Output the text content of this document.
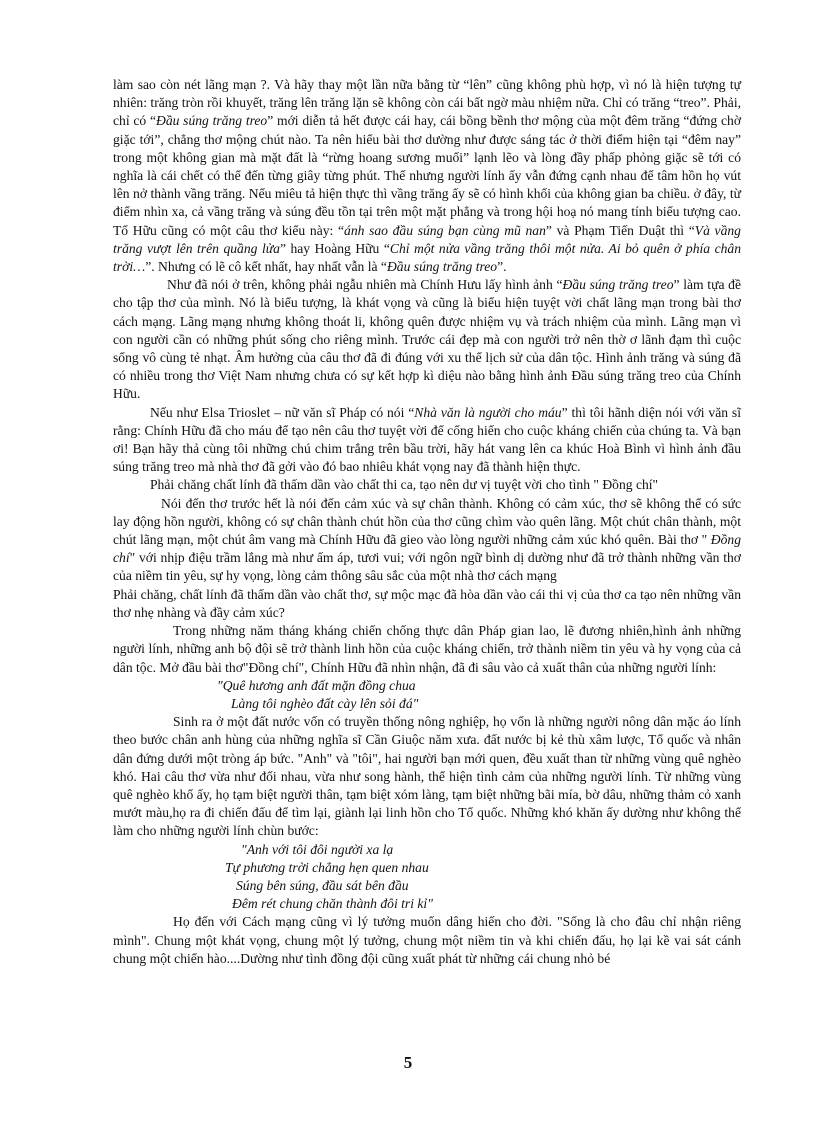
làm sao còn nét lãng mạn ?. Và hãy thay một lần nữa bằng từ “lên” cũng không phù hợp, vì nó là hiện tượng tự nhiên: trăng tròn rồi khuyết, trăng lên trăng lặn sẽ không còn cái bất ngờ màu nhiệm nữa. Chỉ có trăng “treo”. Phải, chỉ có “Đầu súng trăng treo” mới diễn tả hết được cái hay, cái bồng bềnh thơ mộng của một đêm trăng “đứng chờ giặc tới”, chẳng thơ mộng chút nào. Ta nên hiểu bài thơ dường như được sáng tác ở thời điểm hiện tại “đêm nay” trong một không gian mà mặt đất là “rừng hoang sương muối” lạnh lẽo và lòng đầy phấp phỏng giặc sẽ tới có nghĩa là cái chết có thể đến từng giây từng phút. Thế nhưng người lính ấy vẫn đứng cạnh nhau để tâm hồn họ vút lên nở thành vầng trăng. Nếu miêu tả hiện thực thì vầng trăng ấy sẽ có hình khối của không gian ba chiều. ở đây, từ điểm nhìn xa, cả vầng trăng và súng đều tồn tại trên một mặt phẳng và trong hội hoạ nó mang tính biểu tượng cao. Tố Hữu cũng có một câu thơ kiểu này: “ánh sao đầu súng bạn cùng mũ nan” và Phạm Tiến Duật thì “Và vầng trăng vượt lên trên quầng lửa” hay Hoàng Hữu “Chỉ một nửa vầng trăng thôi một nửa. Ai bỏ quên ở phía chân trời…”. Nhưng có lẽ cô kết nhất, hay nhất vẫn là “Đầu súng trăng treo”.

Như đã nói ở trên, không phải ngẫu nhiên mà Chính Hưu lấy hình ảnh “Đầu súng trăng treo” làm tựa đề cho tập thơ của mình. Nó là biểu tượng, là khát vọng và cũng là biểu hiện tuyệt vời chất lãng mạn trong bài thơ cách mạng. Lãng mạng nhưng không thoát li, không quên được nhiệm vụ và trách nhiệm của mình. Lãng mạn vì con người cần có những phút sống cho riêng mình. Trước cái đẹp mà con người trở nên thờ ơ lãnh đạm thì cuộc sống vô cùng tẻ nhạt. Âm hưởng của câu thơ đã đi đúng với xu thế lịch sử của dân tộc. Hình ảnh trăng và súng đã có nhiều trong thơ Việt Nam nhưng chưa có sự kết hợp kì diệu nào bằng hình ảnh Đầu súng trăng treo của Chính Hữu.

Nếu như Elsa Trioslet – nữ văn sĩ Pháp có nói “Nhà văn là người cho máu” thì tôi hãnh diện nói với văn sĩ rằng: Chính Hữu đã cho máu để tạo nên câu thơ tuyệt vời để cống hiến cho cuộc kháng chiến của chúng ta. Và bạn ơi! Bạn hãy thả cùng tôi những chú chim trắng trên bầu trời, hãy hát vang lên ca khúc Hoà Bình vì hình ảnh đầu súng trăng treo mà nhà thơ đã gởi vào đó bao nhiêu khát vọng nay đã thành hiện thực.

Phải chăng chất lính đã thấm dần vào chất thi ca, tạo nên dư vị tuyệt vời cho tình " Đồng chí"

Nói đến thơ trước hết là nói đến cảm xúc và sự chân thành. Không có cảm xúc, thơ sẽ không thể có sức lay động hồn người, không có sự chân thành chút hồn của thơ cũng chìm vào quên lãng. Một chút chân thành, một chút lãng mạn, một chút âm vang mà Chính Hữu đã gieo vào lòng người những cảm xúc khó quên. Bài thơ " Đồng chí" với nhịp điệu trầm lắng mà như ấm áp, tươi vui; với ngôn ngữ bình dị dường như đã trở thành những vần thơ của niềm tin yêu, sự hy vọng, lòng cảm thông sâu sắc của một nhà thơ cách mạng

Phải chăng, chất lính đã thấm dần vào chất thơ, sự mộc mạc đã hòa dần vào cái thi vị của thơ ca tạo nên những vần thơ nhẹ nhàng và đầy cảm xúc?

Trong những năm tháng kháng chiến chống thực dân Pháp gian lao, lẽ đương nhiên,hình ảnh những người lính, những anh bộ đội sẽ trở thành linh hồn của cuộc kháng chiến, trở thành niềm tin yêu và hy vọng của cả dân tộc. Mở đầu bài thơ"Đồng chí", Chính Hữu đã nhìn nhận, đã đi sâu vào cả xuất thân của những người lính:

"Quê hương anh đất mặn đồng chua
Làng tôi nghèo đất cày lên sỏi đá"

Sinh ra ở một đất nước vốn có truyền thống nông nghiệp, họ vốn là những người nông dân mặc áo lính theo bước chân anh hùng của những nghĩa sĩ Cần Giuộc năm xưa. đất nước bị kẻ thù xâm lược, Tổ quốc và nhân dân đứng dưới một tròng áp bức. "Anh" và "tôi", hai người bạn mới quen, đều xuất than từ những vùng quê nghèo khó. Hai câu thơ vừa như đối nhau, vừa như song hành, thể hiện tình cảm của những người lính. Từ những vùng quê nghèo khổ ấy, họ tạm biệt người thân, tạm biệt xóm làng, tạm biệt những bãi mía, bờ dâu, những thảm cỏ xanh mướt màu,họ ra đi chiến đấu để tìm lại, giành lại linh hồn cho Tổ quốc. Những khó khăn ấy dường như không thể làm cho những người lính chùn bước:

"Anh với tôi đôi người xa lạ
Tự phương trời chẳng hẹn quen nhau
Súng bên súng, đầu sát bên đầu
Đêm rét chung chăn thành đôi tri kỉ"

Họ đến với Cách mạng cũng vì lý tưởng muốn dâng hiến cho đời. "Sống là cho đâu chỉ nhận riêng mình". Chung một khát vọng, chung một lý tưởng, chung một niềm tin và khi chiến đấu, họ lại kề vai sát cánh chung một chiến hào....Dường như tình đồng đội cũng xuất phát từ những cái chung nhỏ bé

5
